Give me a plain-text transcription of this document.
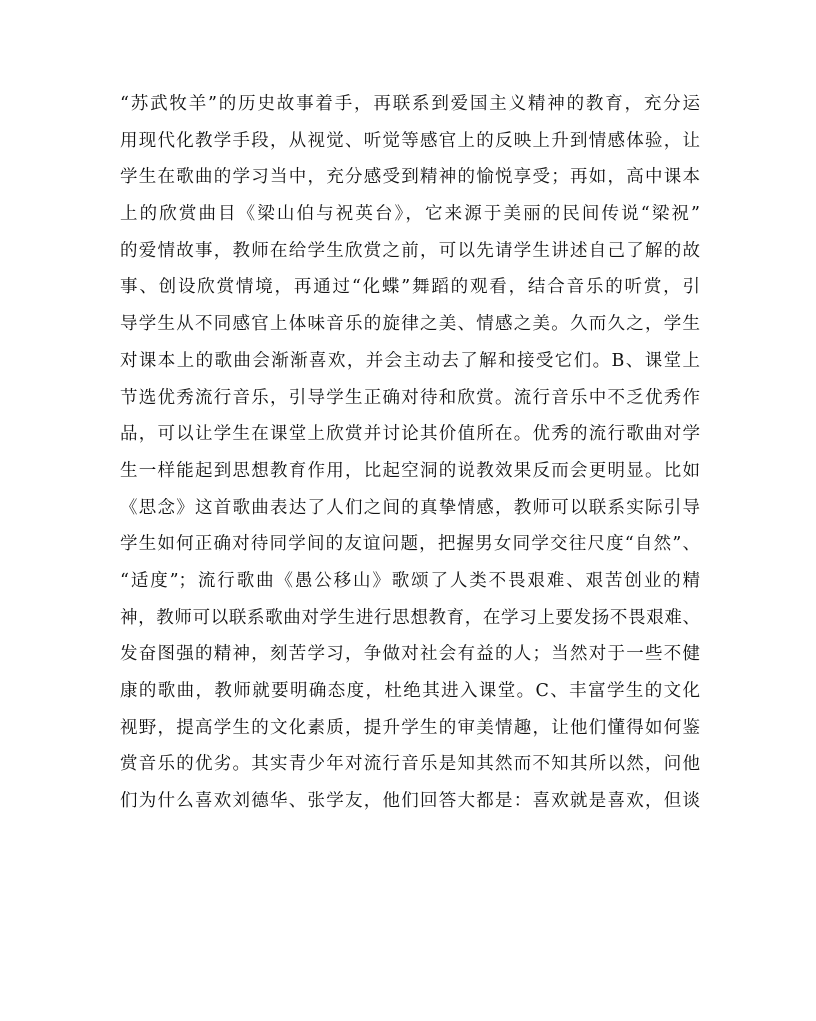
“苏武牧羊”的历史故事着手，再联系到爱国主义精神的教育，充分运
用现代化教学手段，从视觉、听觉等感官上的反映上升到情感体验，让
学生在歌曲的学习当中，充分感受到精神的愉悦享受；再如，高中课本
上的欣赏曲目《梁山伯与祝英台》，它来源于美丽的民间传说“梁祝”
的爱情故事，教师在给学生欣赏之前，可以先请学生讲述自己了解的故
事、创设欣赏情境，再通过“化蝶”舞蹈的观看，结合音乐的听赏，引
导学生从不同感官上体味音乐的旋律之美、情感之美。久而久之，学生
对课本上的歌曲会渐渐喜欢，并会主动去了解和接受它们。B、课堂上
节选优秀流行音乐，引导学生正确对待和欣赏。流行音乐中不乏优秀作
品，可以让学生在课堂上欣赏并讨论其价值所在。优秀的流行歌曲对学
生一样能起到思想教育作用，比起空洞的说教效果反而会更明显。比如
《思念》这首歌曲表达了人们之间的真挚情感，教师可以联系实际引导
学生如何正确对待同学间的友谊问题，把握男女同学交往尺度“自然”、
“适度”；流行歌曲《愚公移山》歌颂了人类不畏艰难、艰苦创业的精
神，教师可以联系歌曲对学生进行思想教育，在学习上要发扬不畏艰难、
发奋图强的精神，刻苦学习，争做对社会有益的人；当然对于一些不健
康的歌曲，教师就要明确态度，杜绝其进入课堂。C、丰富学生的文化
视野，提高学生的文化素质，提升学生的审美情趣，让他们懂得如何鉴
赏音乐的优劣。其实青少年对流行音乐是知其然而不知其所以然，问他
们为什么喜欢刘德华、张学友，他们回答大都是：喜欢就是喜欢，但谈
